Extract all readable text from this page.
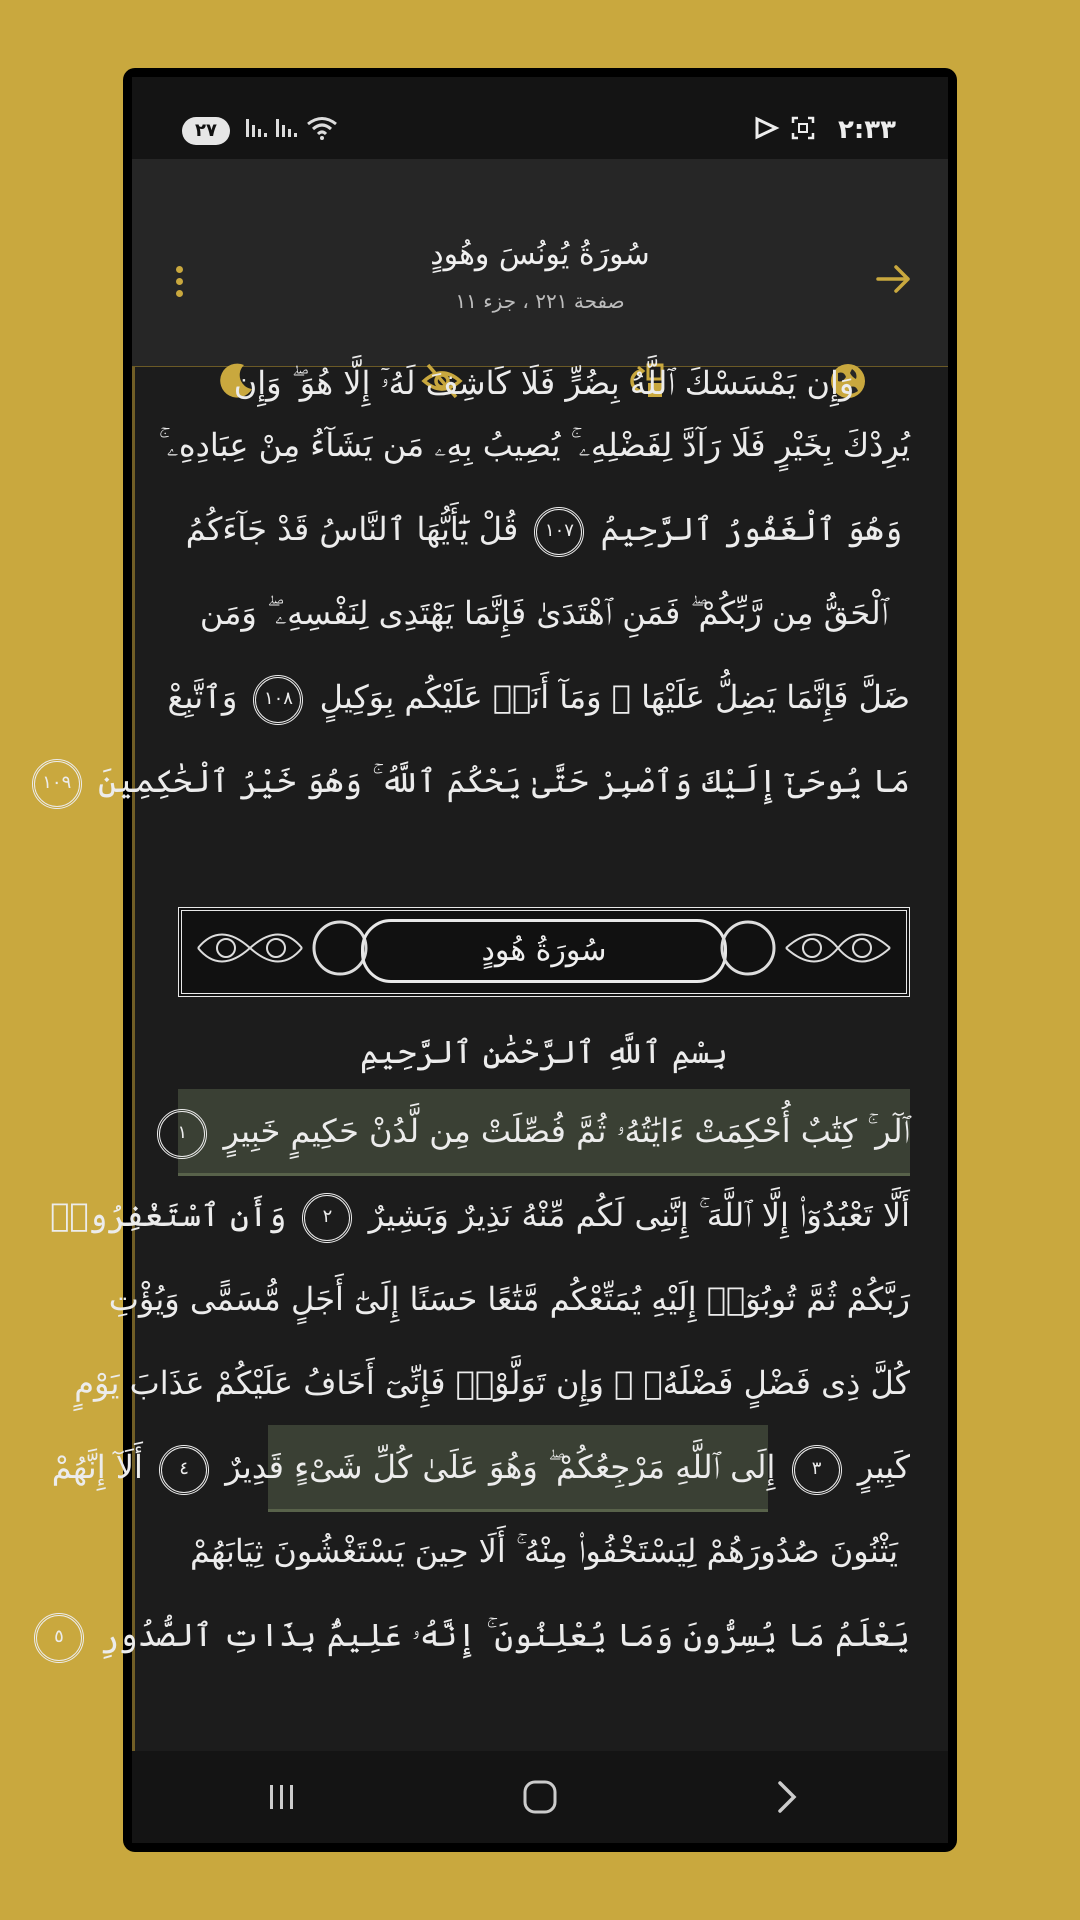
٢٧	٢:٣٣
سُورَةُ يُونُسَ وهُودٍ
صفحة ٢٢١ ، جزء ١١
وَإِن يَمْسَسْكَ ٱللَّهُ بِضُرٍّ فَلَا كَاشِفَ لَهُۥٓ إِلَّا هُوَ ۖ وَإِن
يُرِدْكَ بِخَيْرٍ فَلَا رَآدَّ لِفَضْلِهِۦ ۚ يُصِيبُ بِهِۦ مَن يَشَآءُ مِنْ عِبَادِهِۦ ۚ
وَهُوَ ٱلْغَفُورُ ٱلرَّحِيمُ ١٠٧ قُلْ يَٰٓأَيُّهَا ٱلنَّاسُ قَدْ جَآءَكُمُ
ٱلْحَقُّ مِن رَّبِّكُمْ ۖ فَمَنِ ٱهْتَدَىٰ فَإِنَّمَا يَهْتَدِى لِنَفْسِهِۦ ۖ وَمَن
ضَلَّ فَإِنَّمَا يَضِلُّ عَلَيْهَا ۖ وَمَآ أَنَا۠ عَلَيْكُم بِوَكِيلٍ ١٠٨ وَٱتَّبِعْ
مَا يُوحَىٰٓ إِلَيْكَ وَٱصْبِرْ حَتَّىٰ يَحْكُمَ ٱللَّهُ ۚ وَهُوَ خَيْرُ ٱلْحَٰكِمِينَ ١٠٩
سُورَةُ هُودٍ
بِسْمِ ٱللَّهِ ٱلرَّحْمَٰنِ ٱلرَّحِيمِ
ٱلٓر ۚ كِتَٰبٌ أُحْكِمَتْ ءَايَٰتُهُۥ ثُمَّ فُصِّلَتْ مِن لَّدُنْ حَكِيمٍ خَبِيرٍ ١
أَلَّا تَعْبُدُوٓا۟ إِلَّا ٱللَّهَ ۚ إِنَّنِى لَكُم مِّنْهُ نَذِيرٌ وَبَشِيرٌ ٢ وَأَنِ ٱسْتَغْفِرُوا۟
رَبَّكُمْ ثُمَّ تُوبُوٓا۟ إِلَيْهِ يُمَتِّعْكُم مَّتَٰعًا حَسَنًا إِلَىٰٓ أَجَلٍ مُّسَمًّى وَيُؤْتِ
كُلَّ ذِى فَضْلٍ فَضْلَهُۥ ۖ وَإِن تَوَلَّوْا۟ فَإِنِّىٓ أَخَافُ عَلَيْكُمْ عَذَابَ يَوْمٍ
كَبِيرٍ ٣ إِلَى ٱللَّهِ مَرْجِعُكُمْ ۖ وَهُوَ عَلَىٰ كُلِّ شَىْءٍ قَدِيرٌ ٤ أَلَآ إِنَّهُمْ
يَثْنُونَ صُدُورَهُمْ لِيَسْتَخْفُوا۟ مِنْهُ ۚ أَلَا حِينَ يَسْتَغْشُونَ ثِيَابَهُمْ
يَعْلَمُ مَا يُسِرُّونَ وَمَا يُعْلِنُونَ ۚ إِنَّهُۥ عَلِيمٌۢ بِذَاتِ ٱلصُّدُورِ ٥
